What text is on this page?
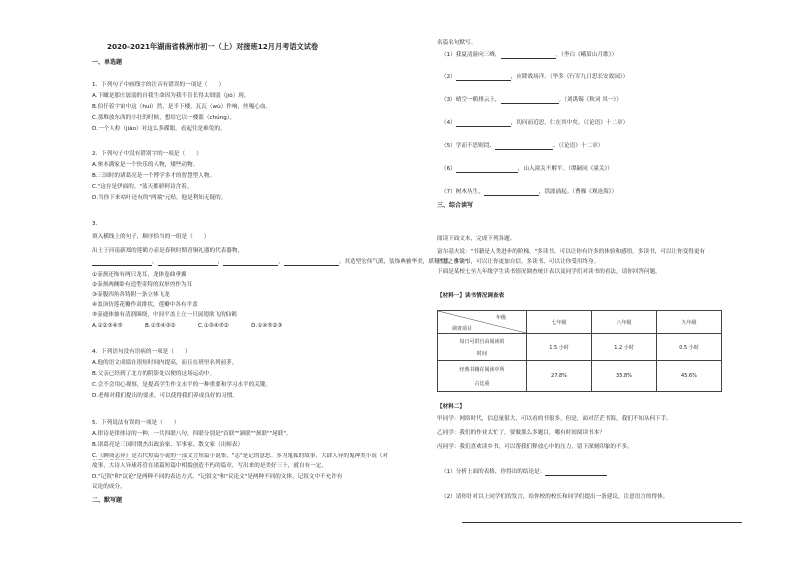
2020-2021年湖南省株洲市初一（上）对接班12月月考语文试卷
一、单选题
1．下列句子中画线字的注音有错误的一项是（　　）
A.下瞰是那庄孱弱的自我生命因为我不肯长得太细弱（jiǒ）现。
B.伯仔着宇宙中这（huí）然，是半下楼，瓦瓦（wù）作响，丝嘎心血。
C.那堆放东西的小壮的时候，想给它以一楼篮（chúng）。
D.一个人粒（jiào）对这么多碟眼，看起往是难免的。
2．下列句子中没有错别字的一项是（　　）
A.奥本满家是一个快乐的人物，矮些动物。
B.三国时的诸葛亮是一个博学多才的智慧型人物。
C."这存是伊面的。"蓝天都骄阿诗含着。
D.当你下来咕叶还有的"两端"元贴，他是利知无疑的。
3．
填入横线上的句子，顺序恰当的一组是（　　）
出土于河南新郑的莲鹤方壶是春秋时期青铜礼器的代表器物，
，	，	，	。其造型宏伟气派，装饰典雅华美，堪称"国之重宝"。
①壶颈还饰有两只龙耳，龙体卷曲垂翼
②壶颈两侧卧有造型奇特的双形兽作为耳
③壶腹四角各铸附一条立体飞龙
④盖顶仿莲花瓣作双排状，莲瓣中各有平盖
⑤壶通体兼有清润圈绕，中间平盖上立一只展翅欲飞的仙鹤
A.①②③④⑤　　　　B.①⑤④③②　　　　C.①③④⑤②　　　　D.①④⑤②③
4．下列语句没有语病的一项是（　　）
A.他的语文成绩在很短时间内提高，而且在班里名列前茅。
B.父亲已经到了北方的阴影处以便的这场运动中。
C.会不会用心观察，是提高学生作文水平的一种重要和学习水平的关键。
D.老师对我们提出的要求，可以使得我们养成良好的习惯。
5．下列说法有误的一项是（　　）
A.律诗是律体诗的一种，一共四联八句，四联分别是"首联""颔联""颈联""尾联"。
B.诸葛亮是三国时期杰出政治家、军事家、散文家（出师表）
C.《聊斋志异》是古代短篇小说的一部文言短篇小说集，"志"是记的意思。多为鬼狐的故事，大肆人异的鬼神类小说（对
故事，大诗人异球苏管在诸篇短篇中相貌创造不朽的篇章，写出来的是美好三十，就自有一定，
D."记叙"和"议论"是两种不同的表达方式，"记叙文"和"议论文"是两种不同的文体，记叙文中不允许有
议论的成分。
二、默写题
名篇名句默写。
（1）我夏清游向三峰，	。（李白《峨眉山月歌》）
（2）	，应降战场洋。（毕多《行军九日思长安故园》）
（3）晴空一鹤排云上，	。（刘禹锡《秋词 其一》）
（4）	，切问而近思，仁在其中矣。（《论语》十二章）
（5）学而不思则罔，	。（《论语》十二章）
（6）	，山入潼关不解平。（谭嗣同《潼关》）
（7）树木丛生，	，洪波涌起。（曹操《观沧海》）
三、综合读写
阅读下面文本，完成下列各题。
富尔基夫说："书籍是人类进步的阶梯。"多读书，可以让你有许多的体验和感悟。多读书，可以让你变得更有
智慧。多读书，可以让你更加自信。多读书，可以让你受用终身。
下面是某校七至九年级学生读书情况调查统计表以及同学们对读书的看法，请你回答问题。
【材料一】读书情况调查表
年级
调查项目	七年级	八年级	九年级

每日可供自由阅读的
时间	1.5 小时	1.2 小时	0.5 小时

经典书籍在阅读中所
占比重	27.8%	35.8%	45.6%
【材料二】
甲同学：网络时代，信息量很大，可以看的书很多，但是，面对茫茫书海，我们不知从何下手。
乙同学：我们的作业太忙了，要做那么多题目，哪有时间阅读书本？
丙同学：我们喜欢读乡书，可以帮我们释放心中的压力，留下深刻印象的不多。
（1）分析上面的表格，你得出的结论是：
（2）请你针对以上同学们的发言，给你校的校长和同学们提出一条建议，注意语言的得体。
